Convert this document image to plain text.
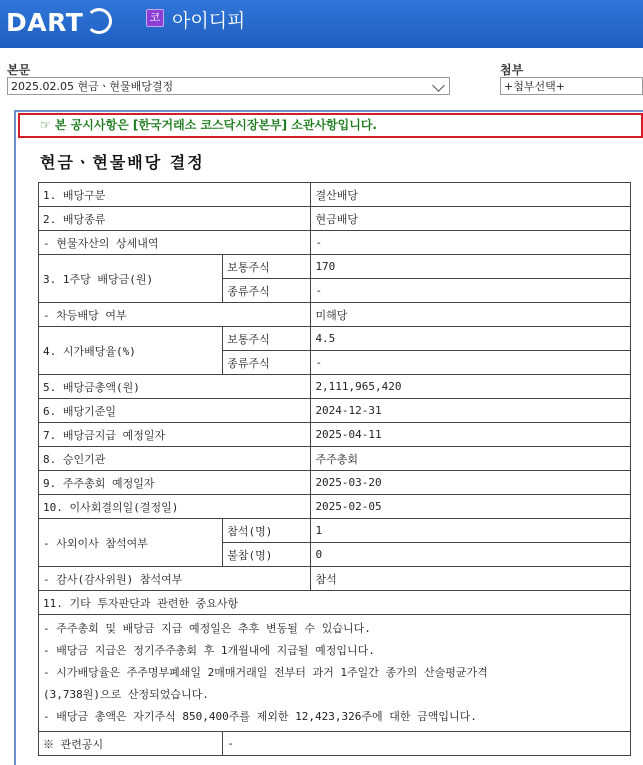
DART	코 아이디피
본문
2025.02.05 현금ㆍ현물배당결정
첨부
+첨부선택+
☞ 본 공시사항은 [한국거래소 코스닥시장본부] 소관사항입니다.
현금ㆍ현물배당 결정
1. 배당구분		결산배당
2. 배당종류		현금배당
- 현물자산의 상세내역		-
3. 1주당 배당금(원)	보통주식	170
	종류주식	-
- 차등배당 여부		미해당
4. 시가배당율(%)	보통주식	4.5
	종류주식	-
5. 배당금총액(원)		2,111,965,420
6. 배당기준일		2024-12-31
7. 배당금지급 예정일자		2025-04-11
8. 승인기관		주주총회
9. 주주총회 예정일자		2025-03-20
10. 이사회결의일(결정일)		2025-02-05
- 사외이사 참석여부	참석(명)	1
	불참(명)	0
- 감사(감사위원) 참석여부		참석
11. 기타 투자판단과 관련한 중요사항		

- 주주총회 및 배당금 지급 예정일은 추후 변동될 수 있습니다.
- 배당금 지급은 정기주주총회 후 1개월내에 지급될 예정입니다.
- 시가배당율은 주주명부폐쇄일 2매매거래일 전부터 과거 1주일간 종가의 산술평균가격
(3,738원)으로 산정되었습니다.
- 배당금 총액은 자기주식 850,400주를 제외한 12,423,326주에 대한 금액입니다.		

※ 관련공시	-	
